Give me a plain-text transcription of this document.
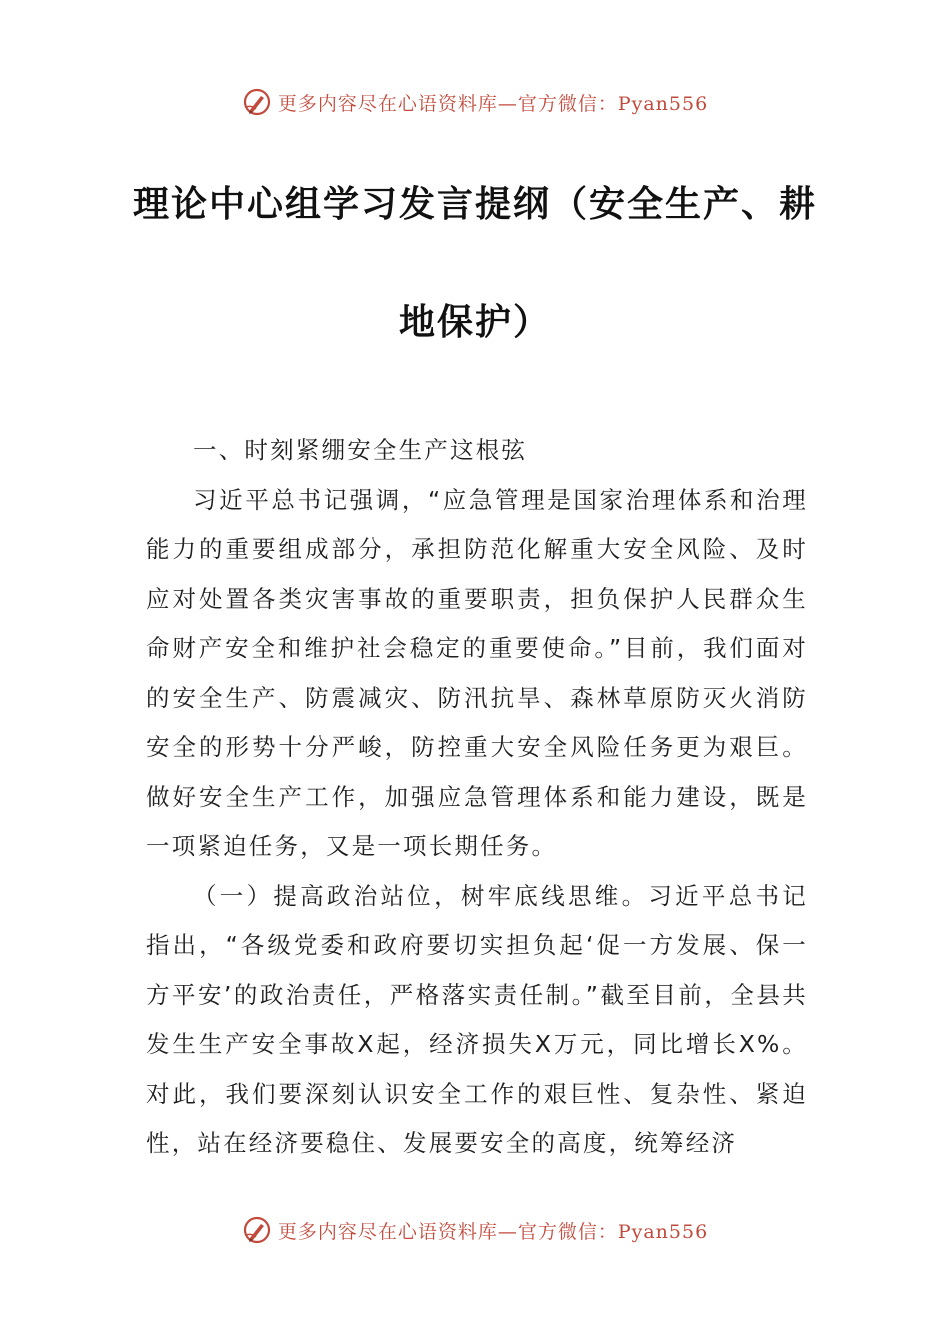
更多内容尽在心语资料库—官方微信：Pyan556
理论中心组学习发言提纲（安全生产、耕
地保护）

一、时刻紧绷安全生产这根弦

习近平总书记强调，“应急管理是国家治理体系和治理能力的重要组成部分，承担防范化解重大安全风险、及时应对处置各类灾害事故的重要职责，担负保护人民群众生命财产安全和维护社会稳定的重要使命。”目前，我们面对的安全生产、防震减灾、防汛抗旱、森林草原防灭火消防安全的形势十分严峻，防控重大安全风险任务更为艰巨。做好安全生产工作，加强应急管理体系和能力建设，既是一项紧迫任务，又是一项长期任务。

（一）提高政治站位，树牢底线思维。习近平总书记指出，“各级党委和政府要切实担负起‘促一方发展、保一方平安’的政治责任，严格落实责任制。”截至目前，全县共发生生产安全事故X起，经济损失X万元，同比增长X%。对此，我们要深刻认识安全工作的艰巨性、复杂性、紧迫性，站在经济要稳住、发展要安全的高度，统筹经济

更多内容尽在心语资料库—官方微信：Pyan556
